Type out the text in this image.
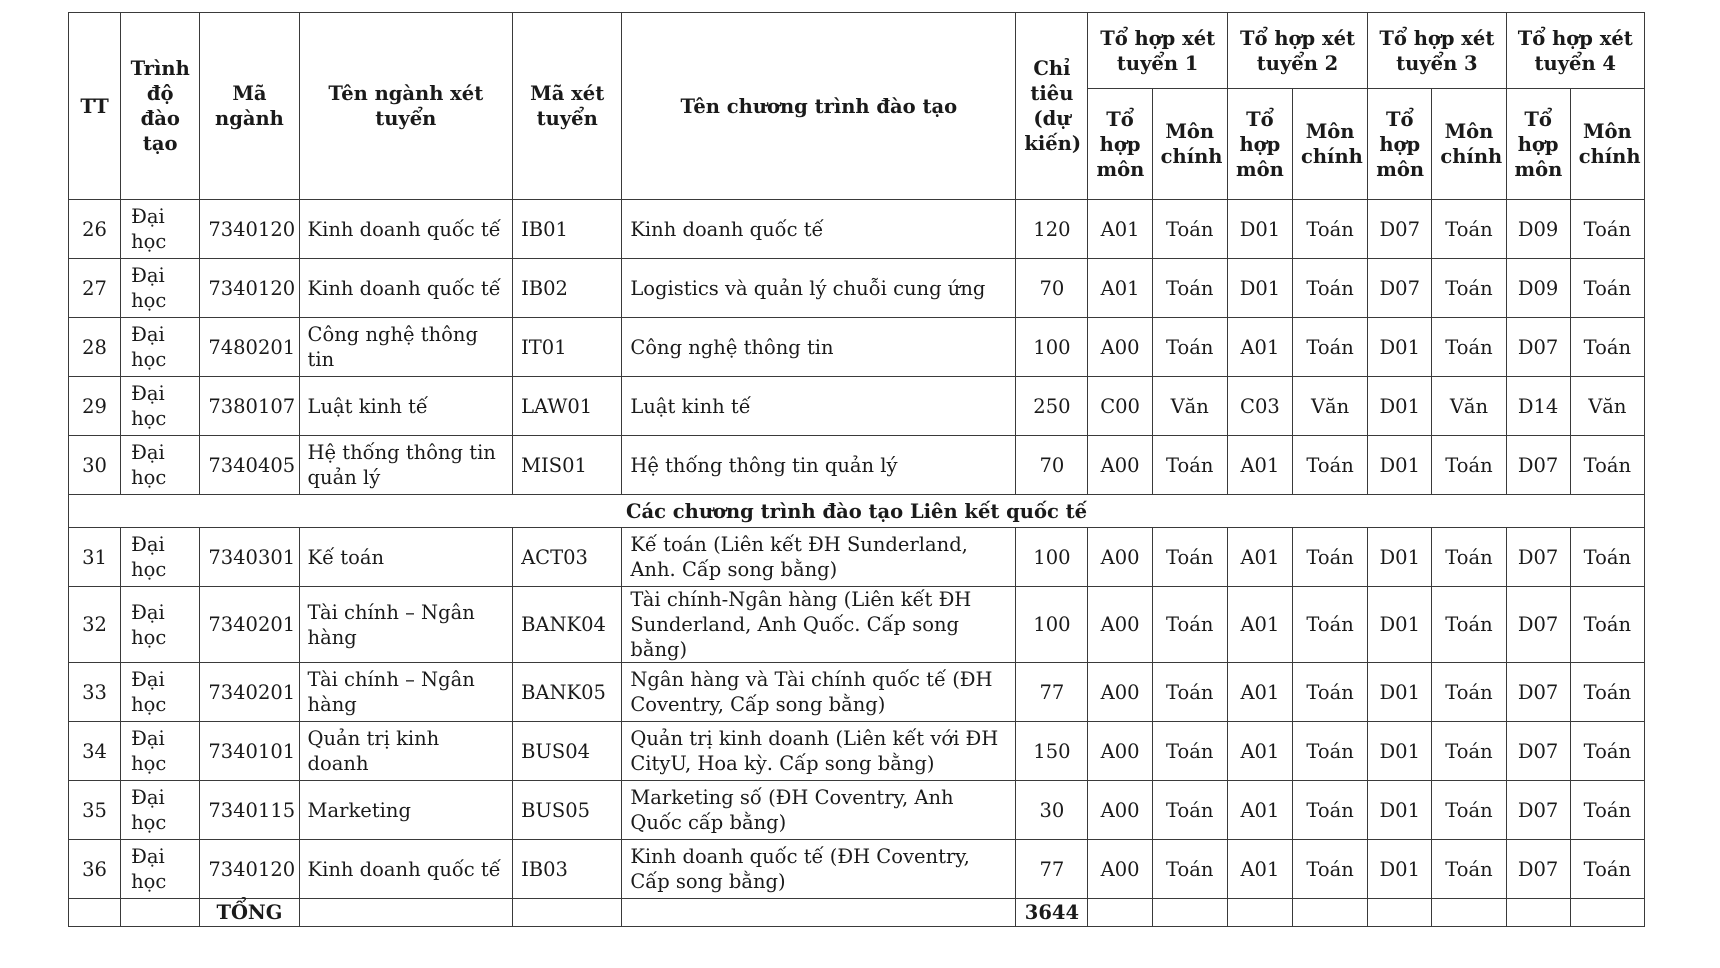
TT	Trình độ đào tạo	Mã ngành	Tên ngành xét tuyển	Mã xét tuyển	Tên chương trình đào tạo	Chỉ tiêu (dự kiến)	Tổ hợp xét tuyển 1		Tổ hợp xét tuyển 2		Tổ hợp xét tuyển 3		Tổ hợp xét tuyển 4	
							Tổ hợp môn	Môn chính	Tổ hợp môn	Môn chính	Tổ hợp môn	Môn chính	Tổ hợp môn	Môn chính
26	Đại học	7340120	Kinh doanh quốc tế	IB01	Kinh doanh quốc tế	120	A01	Toán	D01	Toán	D07	Toán	D09	Toán
27	Đại học	7340120	Kinh doanh quốc tế	IB02	Logistics và quản lý chuỗi cung ứng	70	A01	Toán	D01	Toán	D07	Toán	D09	Toán
28	Đại học	7480201	Công nghệ thông tin	IT01	Công nghệ thông tin	100	A00	Toán	A01	Toán	D01	Toán	D07	Toán
29	Đại học	7380107	Luật kinh tế	LAW01	Luật kinh tế	250	C00	Văn	C03	Văn	D01	Văn	D14	Văn
30	Đại học	7340405	Hệ thống thông tin quản lý	MIS01	Hệ thống thông tin quản lý	70	A00	Toán	A01	Toán	D01	Toán	D07	Toán
Các chương trình đào tạo Liên kết quốc tế														
31	Đại học	7340301	Kế toán	ACT03	Kế toán (Liên kết ĐH Sunderland, Anh. Cấp song bằng)	100	A00	Toán	A01	Toán	D01	Toán	D07	Toán
32	Đại học	7340201	Tài chính – Ngân hàng	BANK04	Tài chính-Ngân hàng (Liên kết ĐH Sunderland, Anh Quốc. Cấp song bằng)	100	A00	Toán	A01	Toán	D01	Toán	D07	Toán
33	Đại học	7340201	Tài chính – Ngân hàng	BANK05	Ngân hàng và Tài chính quốc tế (ĐH Coventry, Cấp song bằng)	77	A00	Toán	A01	Toán	D01	Toán	D07	Toán
34	Đại học	7340101	Quản trị kinh doanh	BUS04	Quản trị kinh doanh (Liên kết với ĐH CityU, Hoa kỳ. Cấp song bằng)	150	A00	Toán	A01	Toán	D01	Toán	D07	Toán
35	Đại học	7340115	Marketing	BUS05	Marketing số (ĐH Coventry, Anh Quốc cấp bằng)	30	A00	Toán	A01	Toán	D01	Toán	D07	Toán
36	Đại học	7340120	Kinh doanh quốc tế	IB03	Kinh doanh quốc tế (ĐH Coventry, Cấp song bằng)	77	A00	Toán	A01	Toán	D01	Toán	D07	Toán
		TỔNG				3644								
